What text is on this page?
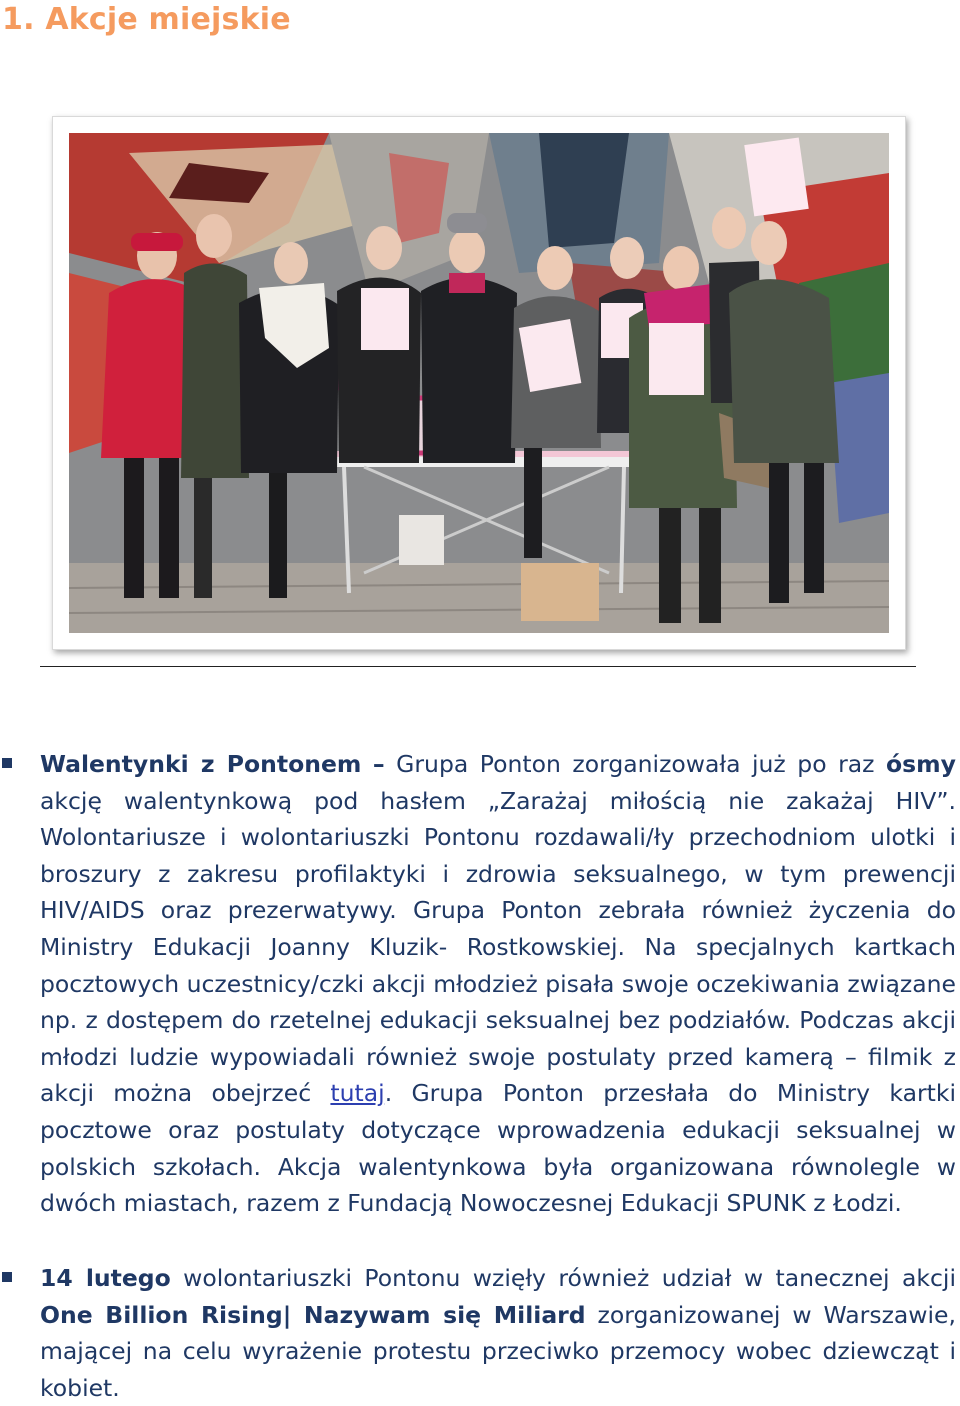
1. Akcje miejskie

Walentynki z Pontonem – Grupa Ponton zorganizowała już po raz ósmy akcję walentynkową pod hasłem „Zarażaj miłością nie zakażaj HIV”. Wolontariusze i wolontariuszki Pontonu rozdawali/ły przechodniom ulotki i broszury z zakresu profilaktyki i zdrowia seksualnego, w tym prewencji HIV/AIDS oraz prezerwatywy. Grupa Ponton zebrała również życzenia do Ministry Edukacji Joanny Kluzik- Rostkowskiej. Na specjalnych kartkach pocztowych uczestnicy/czki akcji młodzież pisała swoje oczekiwania związane np. z dostępem do rzetelnej edukacji seksualnej bez podziałów. Podczas akcji młodzi ludzie wypowiadali również swoje postulaty przed kamerą – filmik z akcji można obejrzeć tutaj. Grupa Ponton przesłała do Ministry kartki pocztowe oraz postulaty dotyczące wprowadzenia edukacji seksualnej w polskich szkołach. Akcja walentynkowa była organizowana równolegle w dwóch miastach, razem z Fundacją Nowoczesnej Edukacji SPUNK z Łodzi.

14 lutego wolontariuszki Pontonu wzięły również udział w tanecznej akcji One Billion Rising| Nazywam się Miliard zorganizowanej w Warszawie, mającej na celu wyrażenie protestu przeciwko przemocy wobec dziewcząt i kobiet.
